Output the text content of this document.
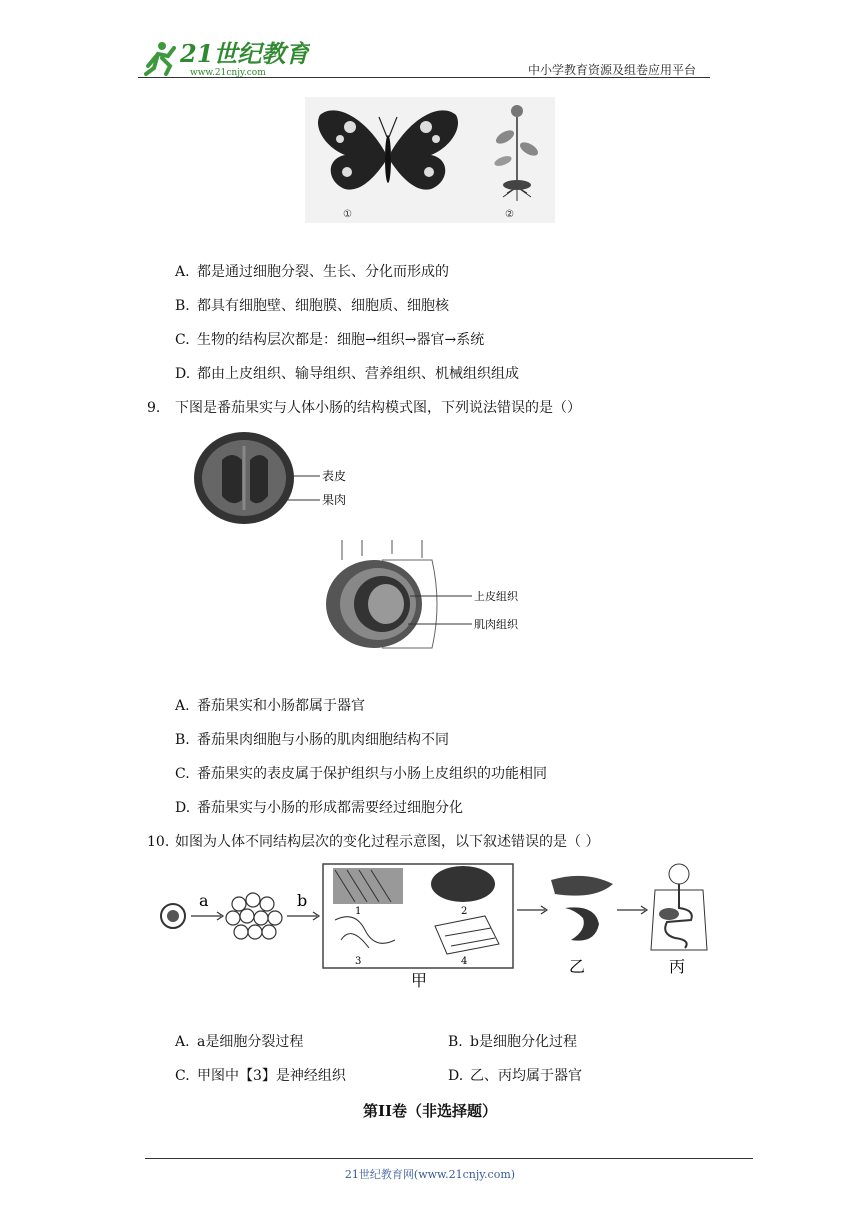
21世纪教育
www.21cnjy.com	中小学教育资源及组卷应用平台
①	②
A. 都是通过细胞分裂、生长、分化而形成的
B. 都具有细胞壁、细胞膜、细胞质、细胞核
C. 生物的结构层次都是：细胞→组织→器官→系统
D. 都由上皮组织、输导组织、营养组织、机械组织组成
9. 下图是番茄果实与人体小肠的结构模式图，下列说法错误的是（）
表皮
果肉
上皮组织
肌肉组织
A. 番茄果实和小肠都属于器官
B. 番茄果肉细胞与小肠的肌肉细胞结构不同
C. 番茄果实的表皮属于保护组织与小肠上皮组织的功能相同
D. 番茄果实与小肠的形成都需要经过细胞分化
10. 如图为人体不同结构层次的变化过程示意图，以下叙述错误的是（ ）
a	b
1	2
3	4
甲
乙	丙
A. a是细胞分裂过程	B. b是细胞分化过程
C. 甲图中【3】是神经组织	D. 乙、丙均属于器官
第II卷（非选择题）
21世纪教育网(www.21cnjy.com)
